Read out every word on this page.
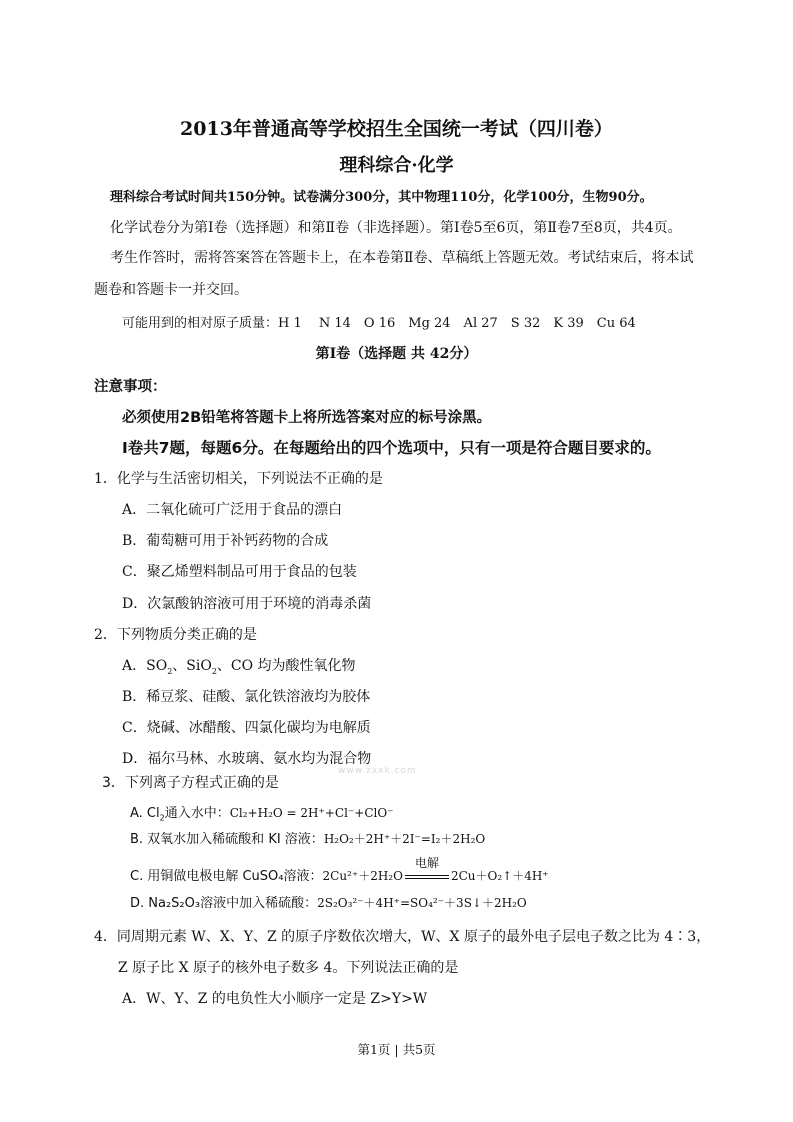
2013年普通高等学校招生全国统一考试（四川卷）
理科综合·化学
理科综合考试时间共150分钟。试卷满分300分，其中物理110分，化学100分，生物90分。
化学试卷分为第Ⅰ卷（选择题）和第Ⅱ卷（非选择题）。第Ⅰ卷5至6页，第Ⅱ卷7至8页，共4页。
考生作答时，需将答案答在答题卡上，在本卷第Ⅱ卷、草稿纸上答题无效。考试结束后，将本试
题卷和答题卡一并交回。
可能用到的相对原子质量：H 1　 N 14　O 16　Mg 24　Al 27　S 32　K 39　Cu 64
第Ⅰ卷（选择题 共 42分）
注意事项：
必须使用2B铅笔将答题卡上将所选答案对应的标号涂黑。
Ⅰ卷共7题，每题6分。在每题给出的四个选项中，只有一项是符合题目要求的。
1．化学与生活密切相关，下列说法不正确的是
A．二氧化硫可广泛用于食品的漂白
B．葡萄糖可用于补钙药物的合成
C．聚乙烯塑料制品可用于食品的包装
D．次氯酸钠溶液可用于环境的消毒杀菌
2．下列物质分类正确的是
A．$SO_2$、SiO$_2$、CO 均为酸性氧化物
B．稀豆浆、硅酸、氯化铁溶液均为胶体
C．烧碱、冰醋酸、四氯化碳均为电解质
D．福尔马林、水玻璃、氨水均为混合物
www.zxxk.com
3．下列离子方程式正确的是
A. $Cl_2$通入水中：Cl₂+H₂O = 2H⁺+Cl⁻+ClO⁻
B. 双氧水加入稀硫酸和 KI 溶液：H₂O₂＋2H⁺＋2I⁻=I₂＋2H₂O
C. 用铜做电极电解 CuSO₄溶液：2Cu²⁺＋2H₂O
电解
2Cu＋O₂↑＋4H⁺
D. Na₂S₂O₃溶液中加入稀硫酸：2S₂O₃²⁻＋4H⁺=SO₄²⁻＋3S↓＋2H₂O
4．同周期元素 W、X、Y、Z 的原子序数依次增大，W、X 原子的最外电子层电子数之比为 4∶3，
Z 原子比 X 原子的核外电子数多 4。下列说法正确的是
A．W、Y、Z 的电负性大小顺序一定是 Z>Y>W
第1页 | 共5页
